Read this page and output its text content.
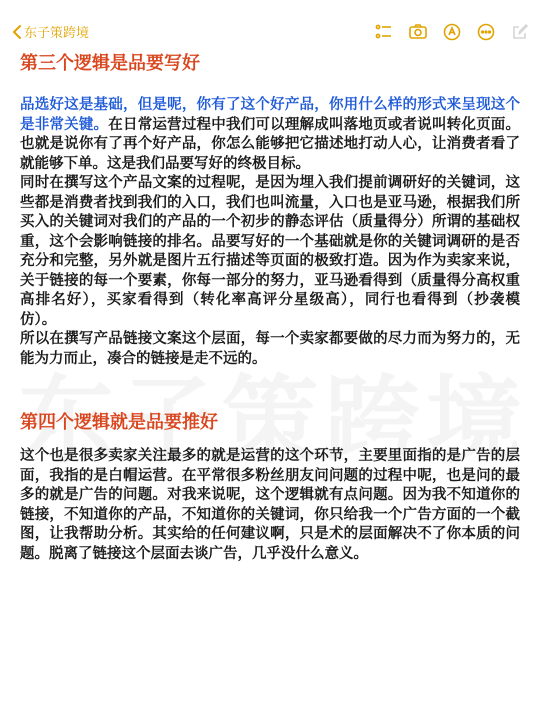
东子策跨境
第三个逻辑是品要写好

品选好这是基础，但是呢，你有了这个好产品，你用什么样的形式来呈现这个是非常关键。在日常运营过程中我们可以理解成叫落地页或者说叫转化页面。也就是说你有了再个好产品，你怎么能够把它描述地打动人心，让消费者看了就能够下单。这是我们品要写好的终极目标。

同时在撰写这个产品文案的过程呢，是因为埋入我们提前调研好的关键词，这些都是消费者找到我们的入口，我们也叫流量，入口也是亚马逊，根据我们所买入的关键词对我们的产品的一个初步的静态评估（质量得分）所谓的基础权重，这个会影响链接的排名。品要写好的一个基础就是你的关键词调研的是否充分和完整，另外就是图片五行描述等页面的极致打造。因为作为卖家来说，关于链接的每一个要素，你每一部分的努力，亚马逊看得到（质量得分高权重高排名好），买家看得到（转化率高评分星级高），同行也看得到（抄袭模仿）。

所以在撰写产品链接文案这个层面，每一个卖家都要做的尽力而为努力的，无能为力而止，凑合的链接是走不远的。

第四个逻辑就是品要推好

这个也是很多卖家关注最多的就是运营的这个环节，主要里面指的是广告的层面，我指的是白帽运营。在平常很多粉丝朋友问问题的过程中呢，也是问的最多的就是广告的问题。对我来说呢，这个逻辑就有点问题。因为我不知道你的链接，不知道你的产品，不知道你的关键词，你只给我一个广告方面的一个截图，让我帮助分析。其实给的任何建议啊，只是术的层面解决不了你本质的问题。脱离了链接这个层面去谈广告，几乎没什么意义。
